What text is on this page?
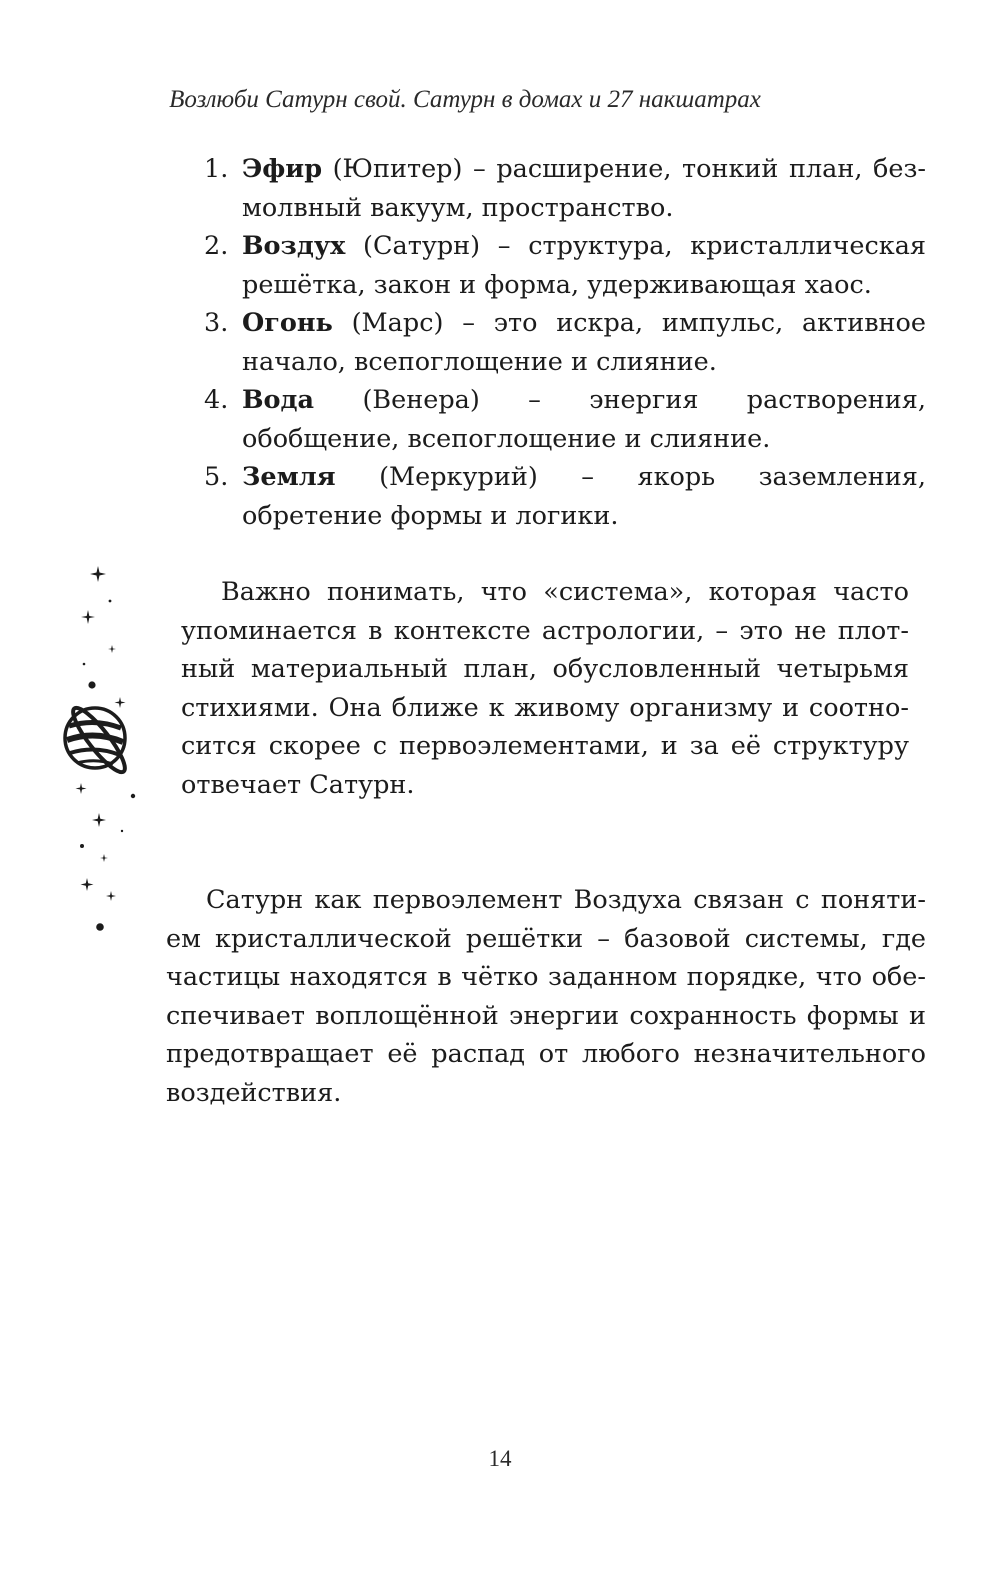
Возлюби Сатурн свой. Сатурн в домах и 27 накшатрах
1. Эфир (Юпитер) – расширение, тонкий план, безмолвный вакуум, пространство.
2. Воздух (Сатурн) – структура, кристаллическая решётка, закон и форма, удерживающая хаос.
3. Огонь (Марс) – это искра, импульс, активное начало, всепоглощение и слияние.
4. Вода (Венера) – энергия растворения, обобщение, всепоглощение и слияние.
5. Земля (Меркурий) – якорь заземления, обретение формы и логики.

Важно понимать, что «система», которая часто упоминается в контексте астрологии, – это не плотный материальный план, обусловленный четырьмя стихиями. Она ближе к живому организму и соотносится скорее с первоэлементами, и за её структуру отвечает Сатурн.

Сатурн как первоэлемент Воздуха связан с понятием кристаллической решётки – базовой системы, где частицы находятся в чётко заданном порядке, что обеспечивает воплощённой энергии сохранность формы и предотвращает её распад от любого незначительного воздействия.

14
